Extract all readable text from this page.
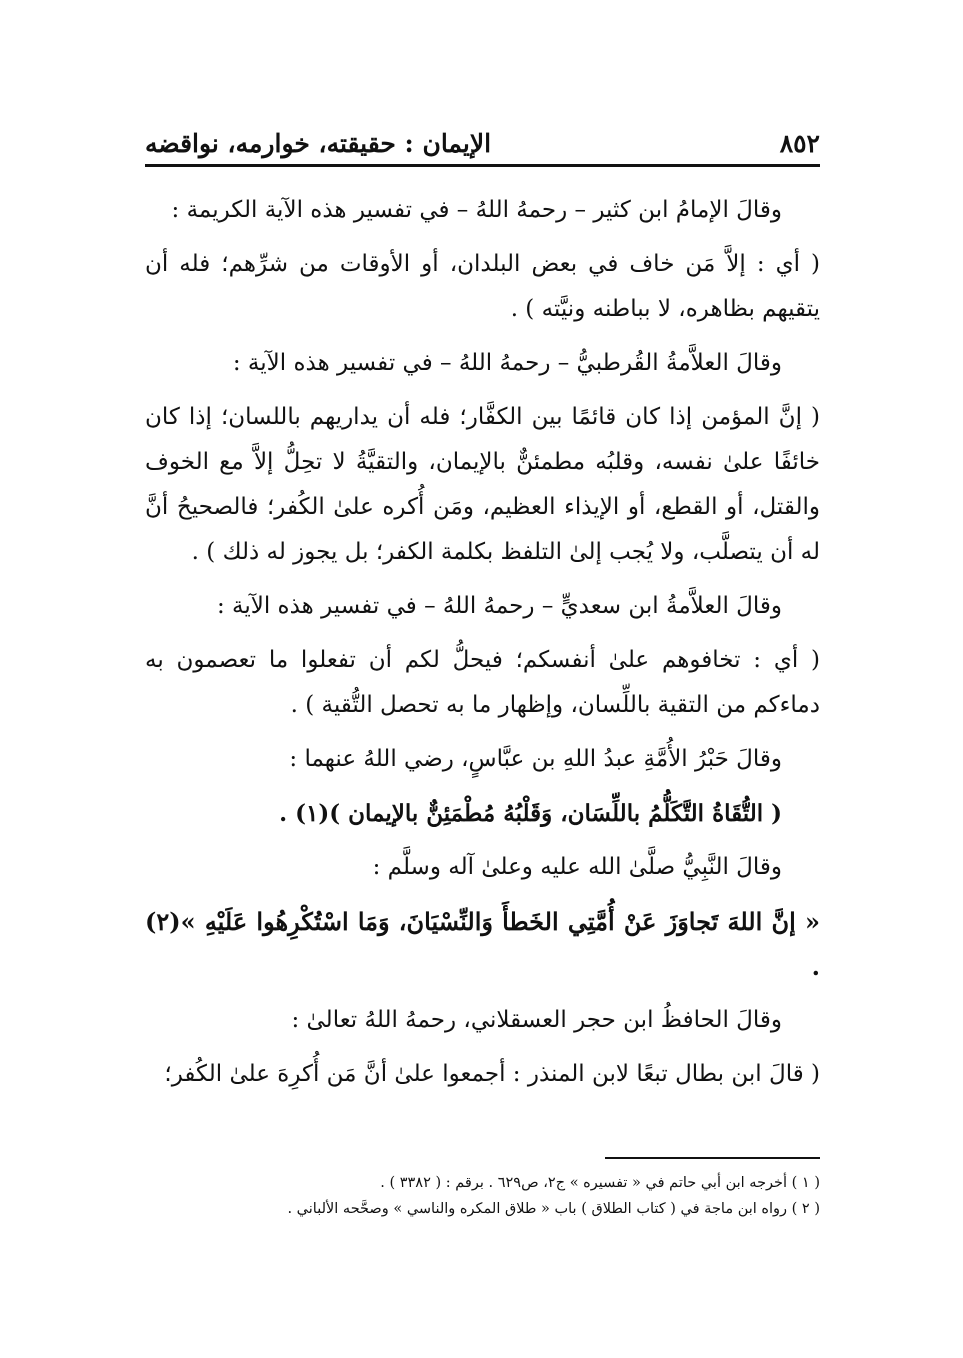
٨٥٢
الإيمان : حقيقته، خوارمه، نواقضه

وقالَ الإمامُ ابن كثير – رحمهُ اللهُ – في تفسير هذه الآية الكريمة :

( أي : إلاَّ مَن خاف في بعض البلدان، أو الأوقات من شرِّهم؛ فله أن يتقيهم بظاهره، لا بباطنه ونيَّته ) .

وقالَ العلاَّمةُ القُرطبيُّ – رحمهُ اللهُ – في تفسير هذه الآية :

( إنَّ المؤمن إذا كان قائمًا بين الكفَّار؛ فله أن يداريهم باللسان؛ إذا كان خائفًا علىٰ نفسه، وقلبُه مطمئنٌّ بالإيمان، والتقيَّةُ لا تحِلُّ إلاَّ مع الخوف والقتل، أو القطع، أو الإيذاء العظيم، ومَن أُكره علىٰ الكُفر؛ فالصحيحُ أنَّ له أن يتصلَّب، ولا يُجب إلىٰ التلفظ بكلمة الكفر؛ بل يجوز له ذلك ) .

وقالَ العلاَّمةُ ابن سعديٍّ – رحمهُ اللهُ – في تفسير هذه الآية :

( أي : تخافوهم علىٰ أنفسكم؛ فيحلُّ لكم أن تفعلوا ما تعصمون به دماءكم من التقية باللِّسان، وإظهار ما به تحصل التُّقية ) .

وقالَ حَبْرُ الأُمَّةِ عبدُ اللهِ بن عبَّاسٍ، رضي اللهُ عنهما :

( التُّقَاةُ التَّكَلُّمُ باللِّسَان، وَقَلْبُهُ مُطْمَئِنٌّ بالإيمان )(١) .

وقالَ النَّبِيُّ صلَّىٰ الله عليه وعلىٰ آله وسلَّم :

« إنَّ اللهَ تَجاوَزَ عَنْ أُمَّتِي الخَطأَ وَالنِّسْيَانَ، وَمَا اسْتُكْرِهُوا عَلَيْهِ »(٢) .

وقالَ الحافظُ ابن حجر العسقلاني، رحمهُ اللهُ تعالىٰ :

( قالَ ابن بطال تبعًا لابن المنذر : أجمعوا علىٰ أنَّ مَن أُكرِهَ علىٰ الكُفر؛

( ١ ) أخرجه ابن أبي حاتم في « تفسيره » ج٢، ص٦٢٩ . برقم : ( ٣٣٨٢ ) .

( ٢ ) رواه ابن ماجة في ( كتاب الطلاق ) باب « طلاق المكره والناسي » وصحَّحه الألباني .
